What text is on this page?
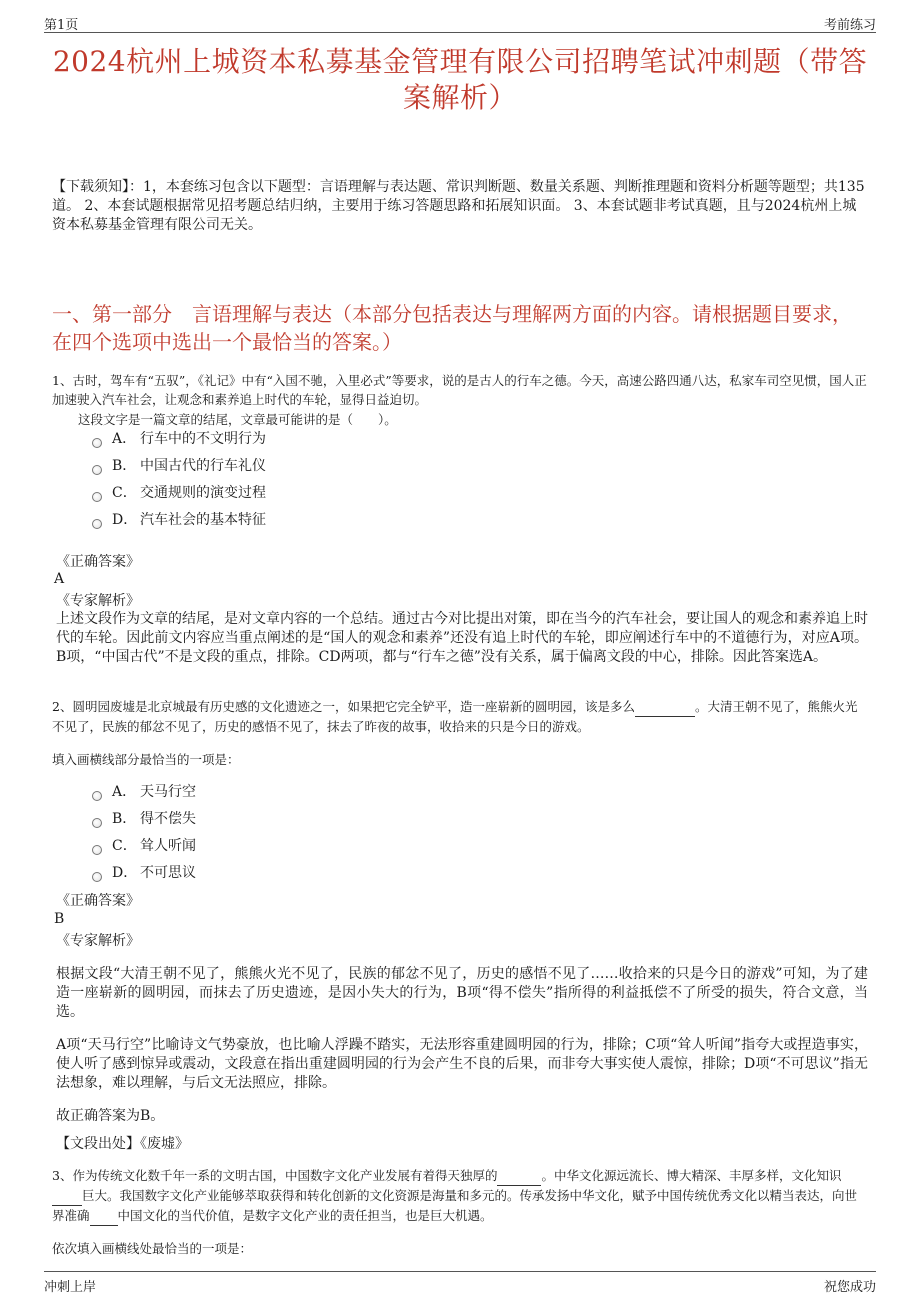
第1页	考前练习
2024杭州上城资本私募基金管理有限公司招聘笔试冲刺题（带答案解析）
【下载须知】：1，本套练习包含以下题型：言语理解与表达题、常识判断题、数量关系题、判断推理题和资料分析题等题型；共135道。 2、本套试题根据常见招考题总结归纳，主要用于练习答题思路和拓展知识面。 3、本套试题非考试真题，且与2024杭州上城资本私募基金管理有限公司无关。
一、第一部分　言语理解与表达（本部分包括表达与理解两方面的内容。请根据题目要求，在四个选项中选出一个最恰当的答案。）
1、古时，驾车有“五驭”，《礼记》中有“入国不驰，入里必式”等要求，说的是古人的行车之德。今天，高速公路四通八达，私家车司空见惯，国人正加速驶入汽车社会，让观念和素养追上时代的车轮，显得日益迫切。
这段文字是一篇文章的结尾，文章最可能讲的是（　　）。
A． 行车中的不文明行为
B． 中国古代的行车礼仪
C． 交通规则的演变过程
D． 汽车社会的基本特征
《正确答案》
A
《专家解析》
上述文段作为文章的结尾，是对文章内容的一个总结。通过古今对比提出对策，即在当今的汽车社会，要让国人的观念和素养追上时代的车轮。因此前文内容应当重点阐述的是“国人的观念和素养”还没有追上时代的车轮，即应阐述行车中的不道德行为，对应A项。B项，“中国古代”不是文段的重点，排除。CD两项，都与“行车之德”没有关系，属于偏离文段的中心，排除。因此答案选A。
2、圆明园废墟是北京城最有历史感的文化遗迹之一，如果把它完全铲平，造一座崭新的圆明园，该是多么	。大清王朝不见了，熊熊火光不见了，民族的郁忿不见了，历史的感悟不见了，抹去了昨夜的故事，收拾来的只是今日的游戏。
填入画横线部分最恰当的一项是：
A． 天马行空
B． 得不偿失
C． 耸人听闻
D． 不可思议
《正确答案》
B
《专家解析》

根据文段“大清王朝不见了，熊熊火光不见了，民族的郁忿不见了，历史的感悟不见了……收拾来的只是今日的游戏”可知，为了建造一座崭新的圆明园，而抹去了历史遗迹，是因小失大的行为，B项“得不偿失”指所得的利益抵偿不了所受的损失，符合文意，当选。

A项“天马行空”比喻诗文气势豪放，也比喻人浮躁不踏实，无法形容重建圆明园的行为，排除；C项“耸人听闻”指夸大或捏造事实，使人听了感到惊异或震动，文段意在指出重建圆明园的行为会产生不良的后果，而非夸大事实使人震惊，排除；D项“不可思议”指无法想象，难以理解，与后文无法照应，排除。

故正确答案为B。

【文段出处】《废墟》
3、作为传统文化数千年一系的文明古国，中国数字文化产业发展有着得天独厚的	。中华文化源远流长、博大精深、丰厚多样，文化知识 巨大。我国数字文化产业能够萃取获得和转化创新的文化资源是海量和多元的。传承发扬中华文化，赋予中国传统优秀文化以精当表达，向世界准确 中国文化的当代价值，是数字文化产业的责任担当，也是巨大机遇。
依次填入画横线处最恰当的一项是：
冲刺上岸	祝您成功
